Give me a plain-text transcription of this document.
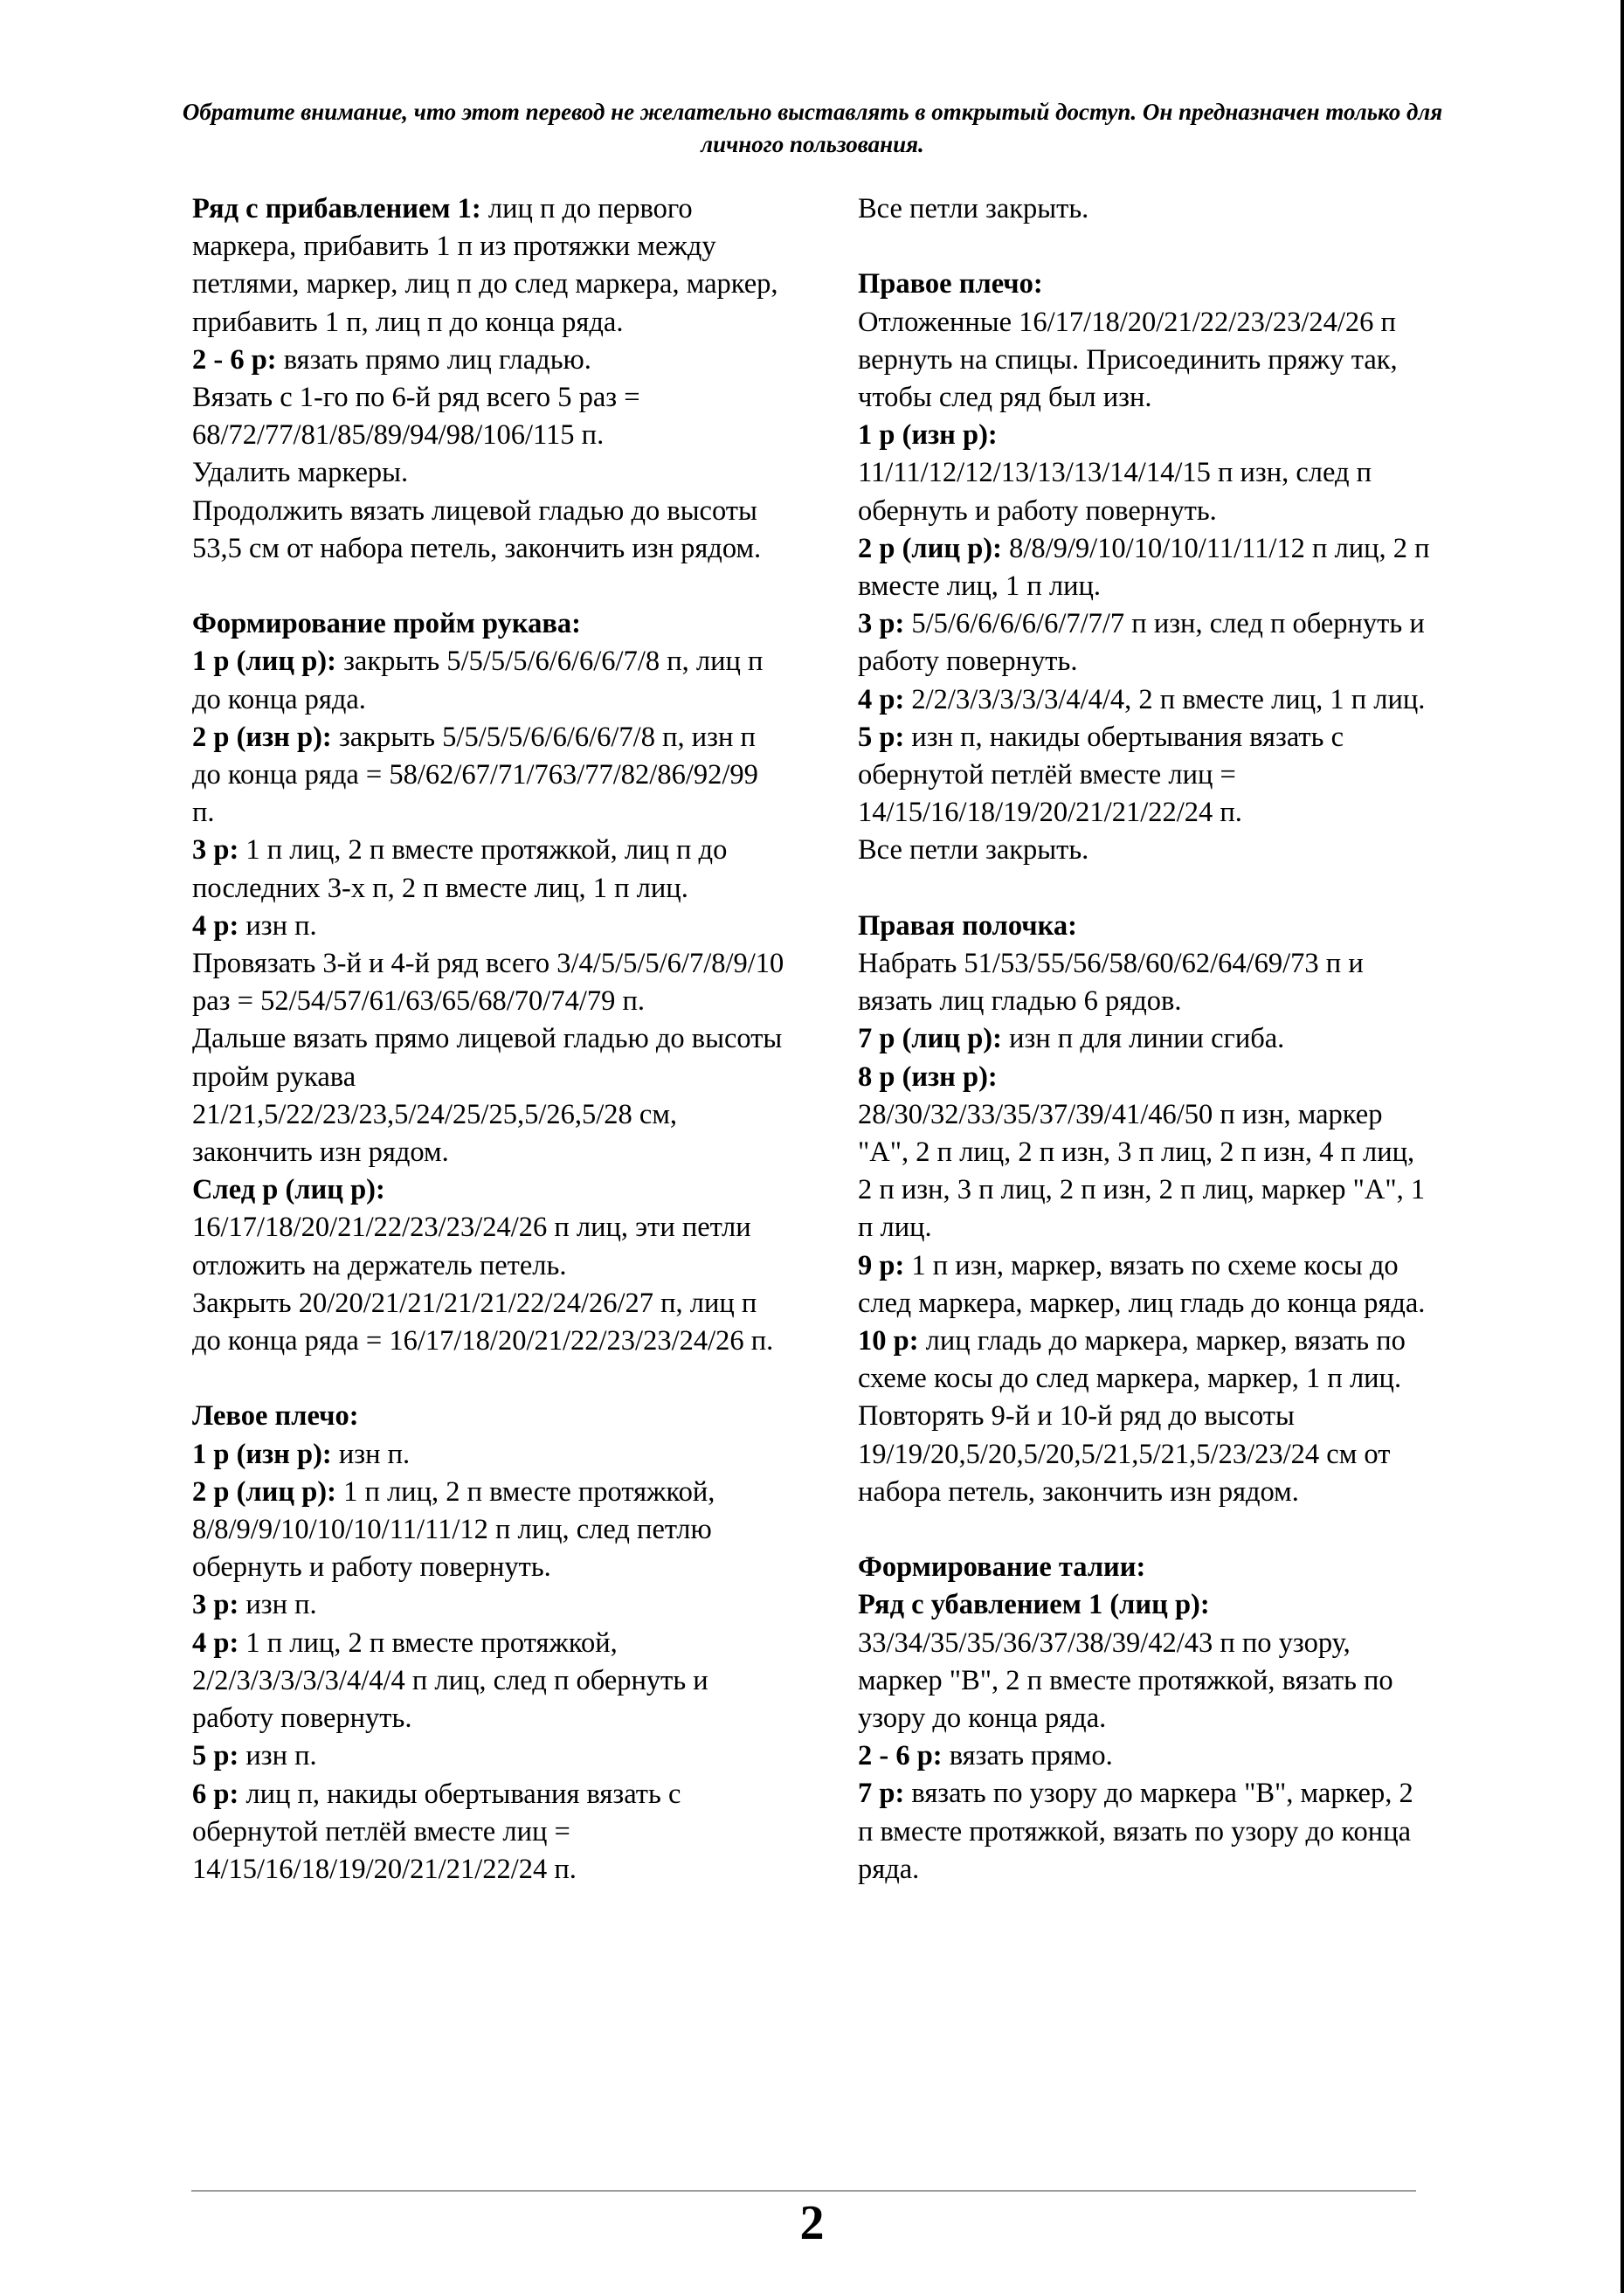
Обратите внимание, что этот перевод не желательно выставлять в открытый доступ. Он предназначен только для личного пользования.

Ряд с прибавлением 1: лиц п до первого маркера, прибавить 1 п из протяжки между петлями, маркер, лиц п до след маркера, маркер, прибавить 1 п, лиц п до конца ряда.

2 - 6 р: вязать прямо лиц гладью.

Вязать с 1-го по 6-й ряд всего 5 раз = 68/72/77/81/85/89/94/98/106/115 п.

Удалить маркеры.

Продолжить вязать лицевой гладью до высоты 53,5 см от набора петель, закончить изн рядом.

Формирование пройм рукава:

1 р (лиц р): закрыть 5/5/5/5/6/6/6/6/7/8 п, лиц п до конца ряда.

2 р (изн р): закрыть 5/5/5/5/6/6/6/6/7/8 п, изн п до конца ряда = 58/62/67/71/763/77/82/86/92/99 п.

3 р: 1 п лиц, 2 п вместе протяжкой, лиц п до последних 3-х п, 2 п вместе лиц, 1 п лиц.

4 р: изн п.

Провязать 3-й и 4-й ряд всего 3/4/5/5/5/6/7/8/9/10 раз = 52/54/57/61/63/65/68/70/74/79 п.

Дальше вязать прямо лицевой гладью до высоты пройм рукава 21/21,5/22/23/23,5/24/25/25,5/26,5/28 см, закончить изн рядом.

След р (лиц р):

16/17/18/20/21/22/23/23/24/26 п лиц, эти петли отложить на держатель петель.

Закрыть 20/20/21/21/21/21/22/24/26/27 п, лиц п до конца ряда = 16/17/18/20/21/22/23/23/24/26 п.

Левое плечо:

1 р (изн р): изн п.

2 р (лиц р): 1 п лиц, 2 п вместе протяжкой, 8/8/9/9/10/10/10/11/11/12 п лиц, след петлю обернуть и работу повернуть.

3 р: изн п.

4 р: 1 п лиц, 2 п вместе протяжкой, 2/2/3/3/3/3/3/4/4/4 п лиц, след п обернуть и работу повернуть.

5 р: изн п.

6 р: лиц п, накиды обертывания вязать с обернутой петлёй вместе лиц = 14/15/16/18/19/20/21/21/22/24 п.

Все петли закрыть.

Правое плечо:

Отложенные 16/17/18/20/21/22/23/23/24/26 п вернуть на спицы. Присоединить пряжу так, чтобы след ряд был изн.

1 р (изн р):

11/11/12/12/13/13/13/14/14/15 п изн, след п обернуть и работу повернуть.

2 р (лиц р): 8/8/9/9/10/10/10/11/11/12 п лиц, 2 п вместе лиц, 1 п лиц.

3 р: 5/5/6/6/6/6/6/7/7/7 п изн, след п обернуть и работу повернуть.

4 р: 2/2/3/3/3/3/3/4/4/4, 2 п вместе лиц, 1 п лиц.

5 р: изн п, накиды обертывания вязать с обернутой петлёй вместе лиц = 14/15/16/18/19/20/21/21/22/24 п.

Все петли закрыть.

Правая полочка:

Набрать 51/53/55/56/58/60/62/64/69/73 п и вязать лиц гладью 6 рядов.

7 р (лиц р): изн п для линии сгиба.

8 р (изн р):

28/30/32/33/35/37/39/41/46/50 п изн, маркер "А", 2 п лиц, 2 п изн, 3 п лиц, 2 п изн, 4 п лиц, 2 п изн, 3 п лиц, 2 п изн, 2 п лиц, маркер "А", 1 п лиц.

9 р: 1 п изн, маркер, вязать по схеме косы до след маркера, маркер, лиц гладь до конца ряда.

10 р: лиц гладь до маркера, маркер, вязать по схеме косы до след маркера, маркер, 1 п лиц.

Повторять 9-й и 10-й ряд до высоты 19/19/20,5/20,5/20,5/21,5/21,5/23/23/24 см от набора петель, закончить изн рядом.

Формирование талии:

Ряд с убавлением 1 (лиц р):

33/34/35/35/36/37/38/39/42/43 п по узору, маркер "В", 2 п вместе протяжкой, вязать по узору до конца ряда.

2 - 6 р: вязать прямо.

7 р: вязать по узору до маркера "В", маркер, 2 п вместе протяжкой, вязать по узору до конца ряда.

2
